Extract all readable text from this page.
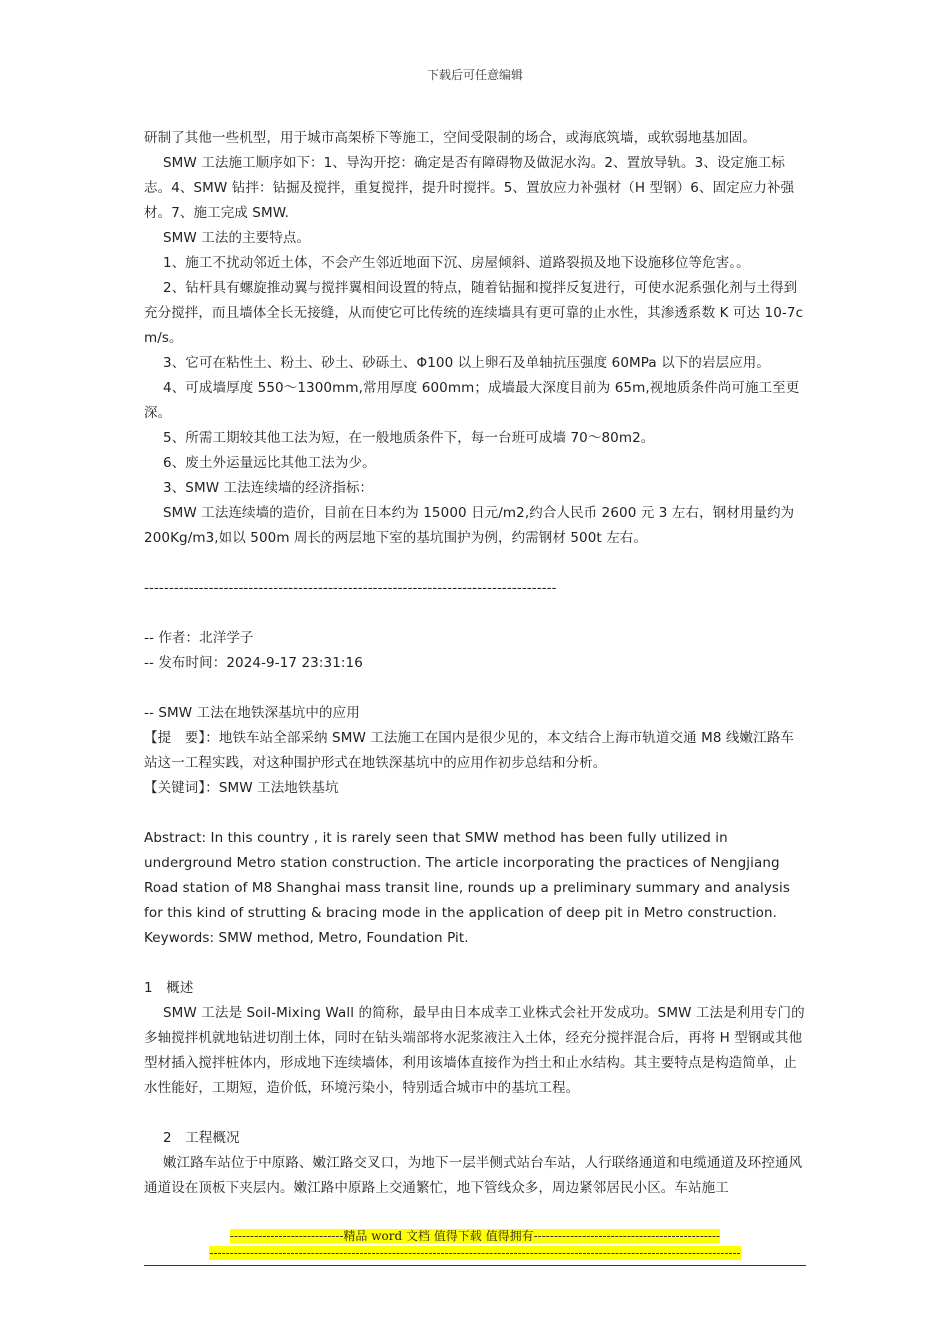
下载后可任意编辑

研制了其他一些机型，用于城市高架桥下等施工，空间受限制的场合，或海底筑墙，或软弱地基加固。

SMW 工法施工顺序如下：1、导沟开挖：确定是否有障碍物及做泥水沟。2、置放导轨。3、设定施工标志。4、SMW 钻拌：钻掘及搅拌，重复搅拌，提升时搅拌。5、置放应力补强材（H 型钢）6、固定应力补强材。7、施工完成 SMW.

SMW 工法的主要特点。

1、施工不扰动邻近土体，不会产生邻近地面下沉、房屋倾斜、道路裂损及地下设施移位等危害。。

2、钻杆具有螺旋推动翼与搅拌翼相间设置的特点，随着钻掘和搅拌反复进行，可使水泥系强化剂与土得到充分搅拌，而且墙体全长无接缝，从而使它可比传统的连续墙具有更可靠的止水性，其渗透系数 K 可达 10-7cm/s。

3、它可在粘性土、粉土、砂土、砂砾土、Φ100 以上卵石及单轴抗压强度 60MPa 以下的岩层应用。

4、可成墙厚度 550～1300mm,常用厚度 600mm；成墙最大深度目前为 65m,视地质条件尚可施工至更深。

5、所需工期较其他工法为短，在一般地质条件下，每一台班可成墙 70～80m2。

6、废土外运量远比其他工法为少。

3、SMW 工法连续墙的经济指标：

SMW 工法连续墙的造价，目前在日本约为 15000 日元/m2,约合人民币 2600 元 3 左右，钢材用量约为 200Kg/m3,如以 500m 周长的两层地下室的基坑围护为例，约需钢材 500t 左右。

-----------------------------------------------------------------------------------

-- 作者：北洋学子

-- 发布时间：2024-9-17 23:31:16

-- SMW 工法在地铁深基坑中的应用

【提　要】：地铁车站全部采纳 SMW 工法施工在国内是很少见的，本文结合上海市轨道交通 M8 线嫩江路车站这一工程实践，对这种围护形式在地铁深基坑中的应用作初步总结和分析。

【关键词】：SMW 工法地铁基坑

Abstract: In this country , it is rarely seen that SMW method has been fully utilized in underground Metro station construction. The article incorporating the practices of Nengjiang Road station of M8 Shanghai mass transit line, rounds up a preliminary summary and analysis for this kind of strutting & bracing mode in the application of deep pit in Metro construction.

Keywords: SMW method, Metro, Foundation Pit.

1　概述

SMW 工法是 Soil-Mixing Wall 的简称，最早由日本成幸工业株式会社开发成功。SMW 工法是利用专门的多轴搅拌机就地钻进切削土体，同时在钻头端部将水泥浆液注入土体，经充分搅拌混合后，再将 H 型钢或其他型材插入搅拌桩体内，形成地下连续墙体，利用该墙体直接作为挡土和止水结构。其主要特点是构造简单，止水性能好，工期短，造价低，环境污染小，特别适合城市中的基坑工程。

2　工程概况

嫩江路车站位于中原路、嫩江路交叉口，为地下一层半侧式站台车站，人行联络通道和电缆通道及环控通风通道设在顶板下夹层内。嫩江路中原路上交通繁忙，地下管线众多，周边紧邻居民小区。车站施工

----------------------------精品 word 文档 值得下载 值得拥有----------------------------------------------
-----------------------------------------------------------------------------------------------------------------------------------
